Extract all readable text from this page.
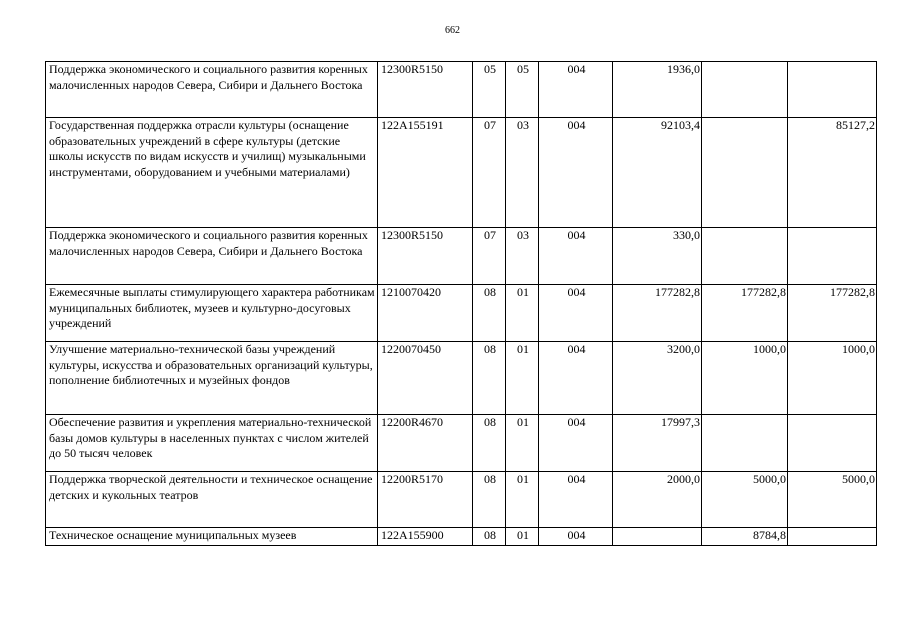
662
Поддержка экономического и социального развития коренных малочисленных народов Севера, Сибири и Дальнего Востока	12300R5150	05	05	004	1936,0		
Государственная поддержка отрасли культуры (оснащение образовательных учреждений в сфере культуры (детские школы искусств по видам искусств и училищ) музыкальными инструментами, оборудованием и учебными материалами)	122A155191	07	03	004	92103,4		85127,2
Поддержка экономического и социального развития коренных малочисленных народов Севера, Сибири и Дальнего Востока	12300R5150	07	03	004	330,0		
Ежемесячные выплаты стимулирующего характера работникам муниципальных библиотек, музеев и культурно-досуговых учреждений	1210070420	08	01	004	177282,8	177282,8	177282,8
Улучшение материально-технической базы учреждений культуры, искусства и образовательных организаций культуры, пополнение библиотечных и музейных фондов	1220070450	08	01	004	3200,0	1000,0	1000,0
Обеспечение развития и укрепления материально-технической базы домов культуры в населенных пунктах с числом жителей до 50 тысяч человек	12200R4670	08	01	004	17997,3		
Поддержка творческой деятельности и техническое оснащение детских и кукольных театров	12200R5170	08	01	004	2000,0	5000,0	5000,0
Техническое оснащение муниципальных музеев	122A155900	08	01	004		8784,8	
